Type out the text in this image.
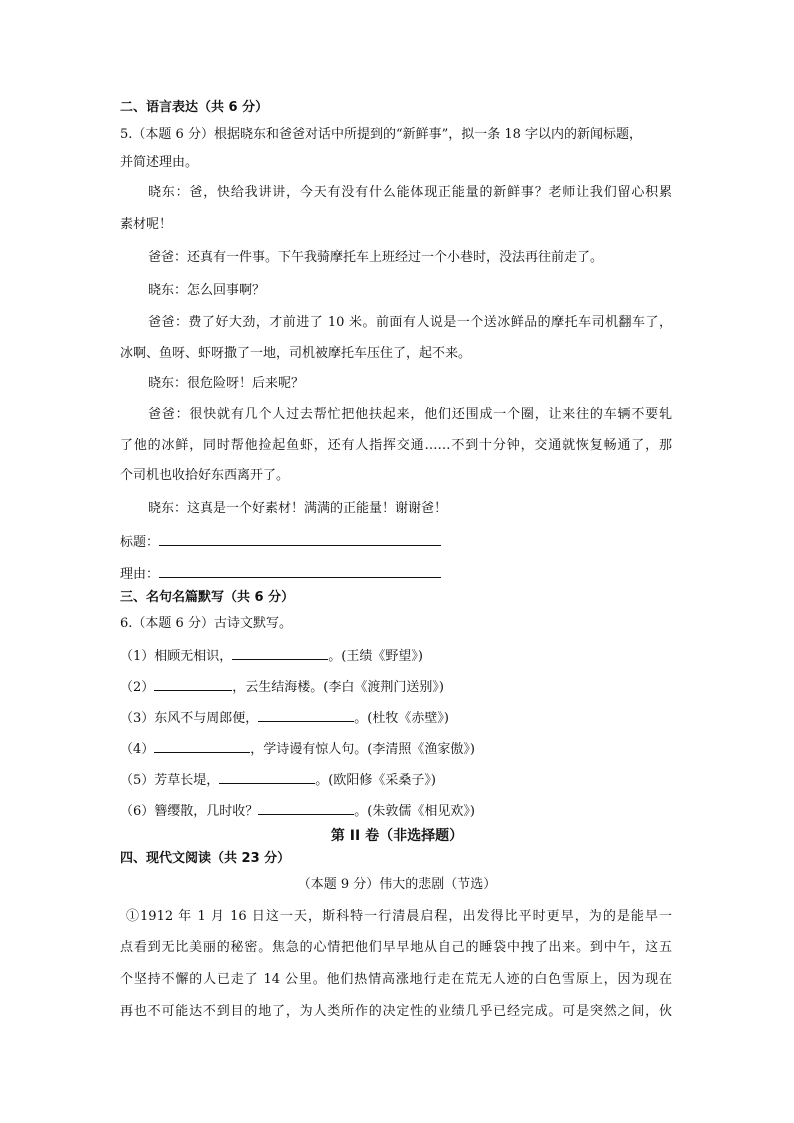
二、语言表达（共 6 分）
5.（本题 6 分）根据晓东和爸爸对话中所提到的“新鲜事”，拟一条 18 字以内的新闻标题，
并简述理由。
晓东：爸，快给我讲讲，今天有没有什么能体现正能量的新鲜事？老师让我们留心积累
素材呢！
爸爸：还真有一件事。下午我骑摩托车上班经过一个小巷时，没法再往前走了。
晓东：怎么回事啊？
爸爸：费了好大劲，才前进了 10 米。前面有人说是一个送冰鲜品的摩托车司机翻车了，
冰啊、鱼呀、虾呀撒了一地，司机被摩托车压住了，起不来。
晓东：很危险呀！后来呢？
爸爸：很快就有几个人过去帮忙把他扶起来，他们还围成一个圈，让来往的车辆不要轧
了他的冰鲜，同时帮他捡起鱼虾，还有人指挥交通……不到十分钟，交通就恢复畅通了，那
个司机也收拾好东西离开了。
晓东：这真是一个好素材！满满的正能量！谢谢爸！
标题：
理由：
三、名句名篇默写（共 6 分）
6.（本题 6 分）古诗文默写。
（1）相顾无相识，	。(王绩《野望》)
（2）	，云生结海楼。(李白《渡荆门送别》)
（3）东风不与周郎便，	。(杜牧《赤壁》)
（4）	，学诗谩有惊人句。(李清照《渔家傲》)
（5）芳草长堤，	。(欧阳修《采桑子》)
（6）簪缨散，几时收？	。(朱敦儒《相见欢》)
第 II 卷（非选择题）
四、现代文阅读（共 23 分）
（本题 9 分）伟大的悲剧（节选）
①1912 年 1 月 16 日这一天，斯科特一行清晨启程，出发得比平时更早，为的是能早一
点看到无比美丽的秘密。焦急的心情把他们早早地从自己的睡袋中拽了出来。到中午，这五
个坚持不懈的人已走了 14 公里。他们热情高涨地行走在荒无人迹的白色雪原上，因为现在
再也不可能达不到目的地了，为人类所作的决定性的业绩几乎已经完成。可是突然之间，伙
